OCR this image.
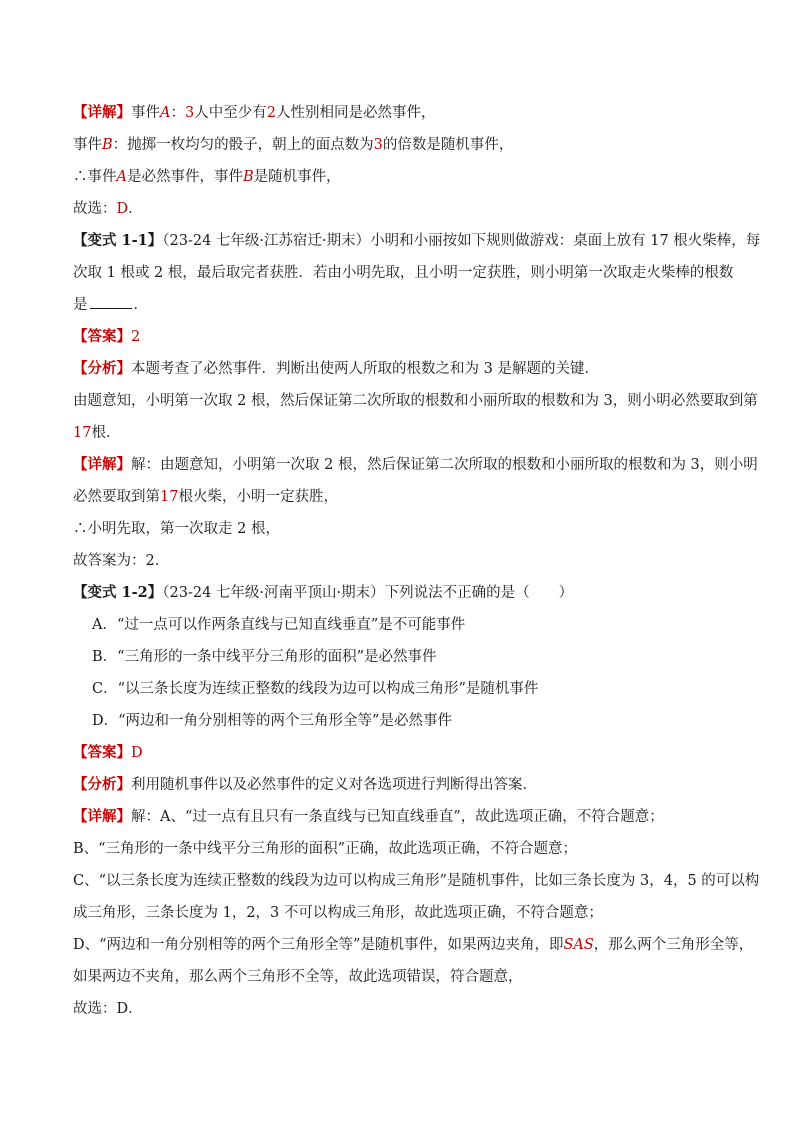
【详解】事件A：3人中至少有2人性别相同是必然事件，
事件B：抛掷一枚均匀的骰子，朝上的面点数为3的倍数是随机事件，
∴事件A是必然事件，事件B是随机事件，
故选：D．
【变式 1-1】（23-24 七年级·江苏宿迁·期末）小明和小丽按如下规则做游戏：桌面上放有 17 根火柴棒，每
次取 1 根或 2 根，最后取完者获胜．若由小明先取，且小明一定获胜，则小明第一次取走火柴棒的根数
是	．
【答案】2
【分析】本题考查了必然事件．判断出使两人所取的根数之和为 3 是解题的关键．
由题意知，小明第一次取 2 根，然后保证第二次所取的根数和小丽所取的根数和为 3，则小明必然要取到第
17根．
【详解】解：由题意知，小明第一次取 2 根，然后保证第二次所取的根数和小丽所取的根数和为 3，则小明
必然要取到第17根火柴，小明一定获胜，
∴小明先取，第一次取走 2 根，
故答案为：2．
【变式 1-2】（23-24 七年级·河南平顶山·期末）下列说法不正确的是（　　）
A．“过一点可以作两条直线与已知直线垂直”是不可能事件
B．“三角形的一条中线平分三角形的面积”是必然事件
C．“以三条长度为连续正整数的线段为边可以构成三角形”是随机事件
D．“两边和一角分别相等的两个三角形全等”是必然事件
【答案】D
【分析】利用随机事件以及必然事件的定义对各选项进行判断得出答案．
【详解】解：A、“过一点有且只有一条直线与已知直线垂直”，故此选项正确，不符合题意；
B、“三角形的一条中线平分三角形的面积”正确，故此选项正确，不符合题意；
C、“以三条长度为连续正整数的线段为边可以构成三角形”是随机事件，比如三条长度为 3，4，5 的可以构
成三角形，三条长度为 1，2，3 不可以构成三角形，故此选项正确，不符合题意；
D、“两边和一角分别相等的两个三角形全等”是随机事件，如果两边夹角，即SAS，那么两个三角形全等，
如果两边不夹角，那么两个三角形不全等，故此选项错误，符合题意，
故选：D．
